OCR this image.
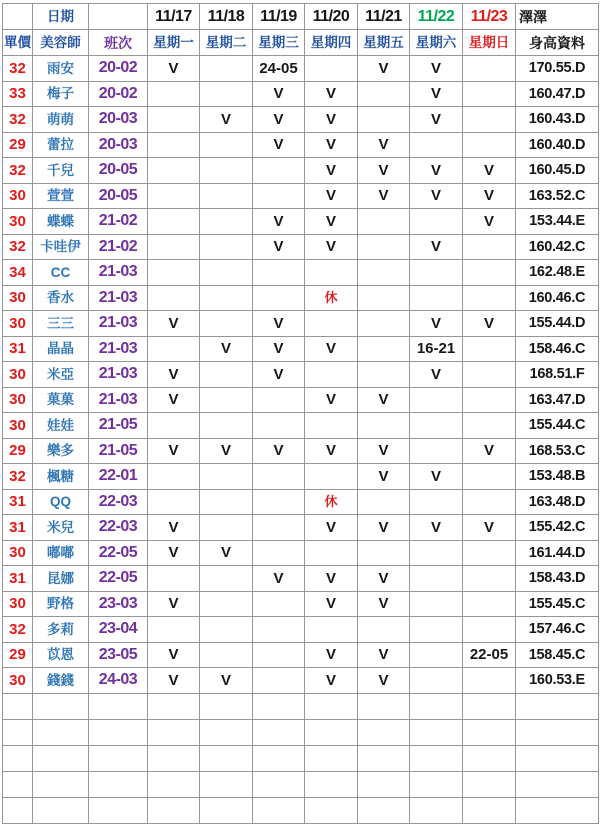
	日期		11/17	11/18	11/19	11/20	11/21	11/22	11/23	澤澤
單價	美容師	班次	星期一	星期二	星期三	星期四	星期五	星期六	星期日	身高資料
32	雨安	20-02	V		24-05		V	V		170.55.D
33	梅子	20-02			V	V		V		160.47.D
32	萌萌	20-03		V	V	V		V		160.43.D
29	蕾拉	20-03			V	V	V			160.40.D
32	千兒	20-05				V	V	V	V	160.45.D
30	萱萱	20-05				V	V	V	V	163.52.C
30	蝶蝶	21-02			V	V			V	153.44.E
32	卡哇伊	21-02			V	V		V		160.42.C
34	CC	21-03								162.48.E
30	香水	21-03				休				160.46.C
30	三三	21-03	V		V			V	V	155.44.D
31	晶晶	21-03		V	V	V		16-21		158.46.C
30	米亞	21-03	V		V			V		168.51.F
30	菓菓	21-03	V			V	V			163.47.D
30	娃娃	21-05								155.44.C
29	樂多	21-05	V	V	V	V	V		V	168.53.C
32	楓糖	22-01					V	V		153.48.B
31	QQ	22-03				休				163.48.D
31	米兒	22-03	V			V	V	V	V	155.42.C
30	嘟嘟	22-05	V	V						161.44.D
31	昆娜	22-05			V	V	V			158.43.D
30	野格	23-03	V			V	V			155.45.C
32	多莉	23-04								157.46.C
29	苡恩	23-05	V			V	V		22-05	158.45.C
30	錢錢	24-03	V	V		V	V			160.53.E
